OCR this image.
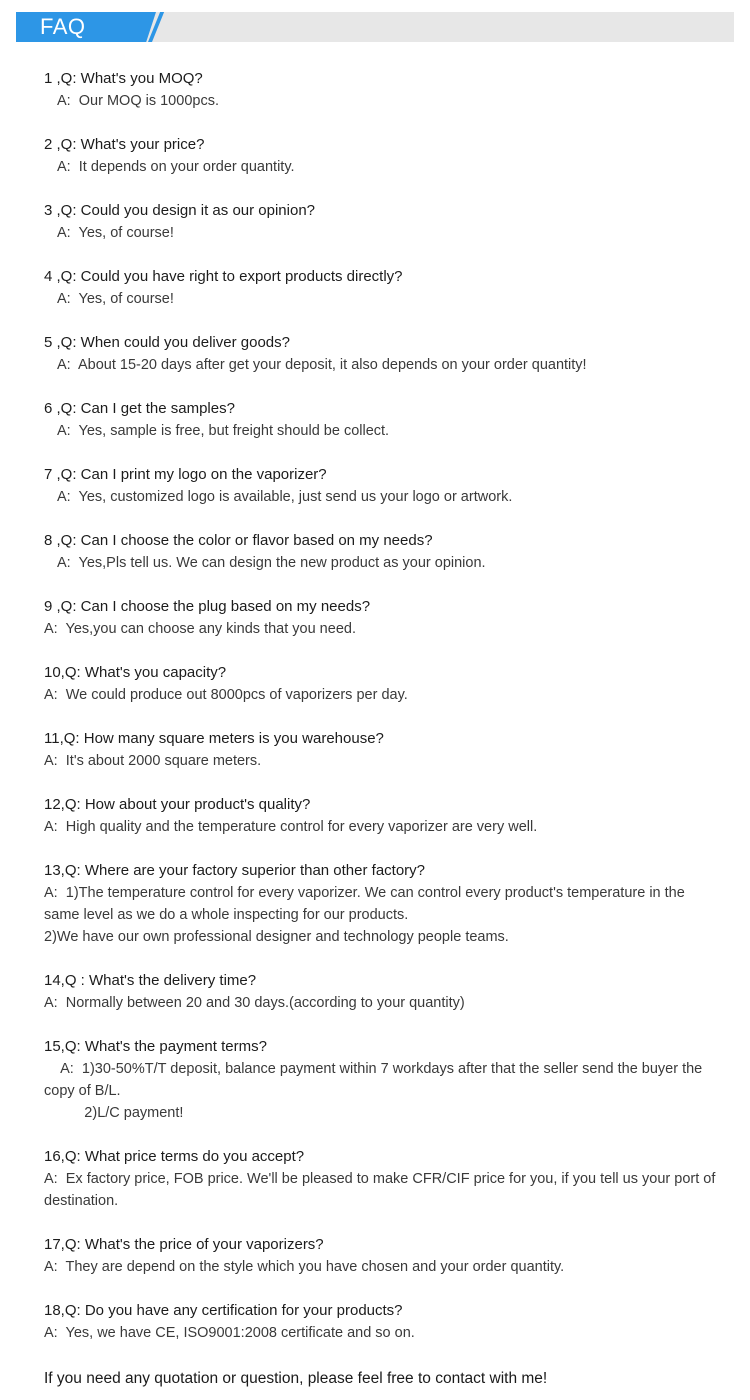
FAQ
1 ,Q: What's you MOQ?
A:  Our MOQ is 1000pcs.
2 ,Q: What's your price?
A:  It depends on your order quantity.
3 ,Q: Could you design it as our opinion?
A:  Yes, of course!
4 ,Q: Could you have right to export products directly?
A:  Yes, of course!
5 ,Q: When could you deliver goods?
A:  About 15-20 days after get your deposit, it also depends on your order quantity!
6 ,Q: Can I get the samples?
A:  Yes, sample is free, but freight should be collect.
7 ,Q: Can I print my logo on the vaporizer?
A:  Yes, customized logo is available, just send us your logo or artwork.
8 ,Q: Can I choose the color or flavor based on my needs?
A:  Yes,Pls tell us. We can design the new product as your opinion.
9 ,Q: Can I choose the plug based on my needs?
A:  Yes,you can choose any kinds that you need.
10,Q: What's you capacity?
A:  We could produce out 8000pcs of vaporizers per day.
11,Q: How many square meters is you warehouse?
A:  It's about 2000 square meters.
12,Q: How about your product's quality?
A:  High quality and the temperature control for every vaporizer are very well.
13,Q: Where are your factory superior than other factory?
A:  1)The temperature control for every vaporizer. We can control every product's temperature in the same level as we do a whole inspecting for our products.
2)We have our own professional designer and technology people teams.
14,Q : What's the delivery time?
A:  Normally between 20 and 30 days.(according to your quantity)
15,Q: What's the payment terms?
A:  1)30-50%T/T deposit, balance payment within 7 workdays after that the seller send the buyer the copy of B/L.
2)L/C payment!
16,Q: What price terms do you accept?
A:  Ex factory price, FOB price. We'll be pleased to make CFR/CIF price for you, if you tell us your port of destination.
17,Q: What's the price of your vaporizers?
A:  They are depend on the style which you have chosen and your order quantity.
18,Q: Do you have any certification for your products?
A:  Yes, we have CE, ISO9001:2008 certificate and so on.
If you need any quotation or question, please feel free to contact with me!
